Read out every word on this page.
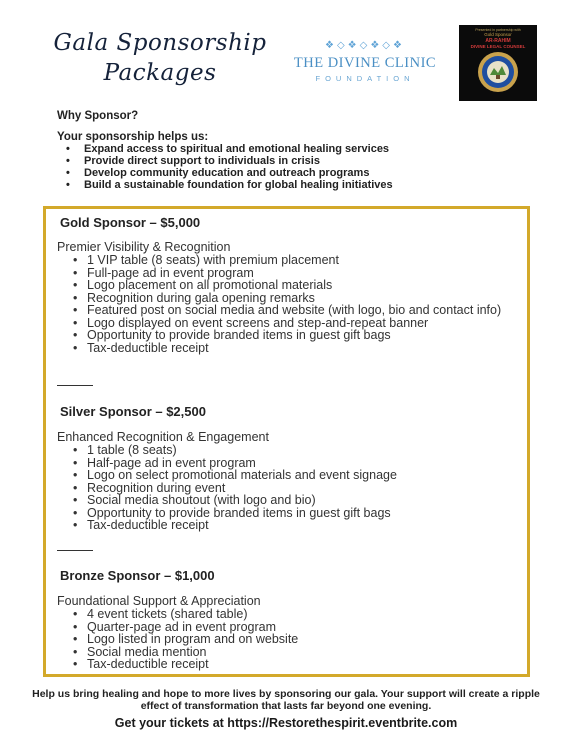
Gala Sponsorship
Packages
❖◇❖◇❖◇❖
THE DIVINE CLINIC
FOUNDATION
Presented in partnership with
Gold Sponsor
AR-RAHIM
DIVINE LEGAL COUNSEL
Why Sponsor?
Your sponsorship helps us:
• Expand access to spiritual and emotional healing services
• Provide direct support to individuals in crisis
• Develop community education and outreach programs
• Build a sustainable foundation for global healing initiatives
Gold Sponsor – $5,000
Premier Visibility & Recognition
• 1 VIP table (8 seats) with premium placement
• Full-page ad in event program
• Logo placement on all promotional materials
• Recognition during gala opening remarks
• Featured post on social media and website (with logo, bio and contact info)
• Logo displayed on event screens and step-and-repeat banner
• Opportunity to provide branded items in guest gift bags
• Tax-deductible receipt
Silver Sponsor – $2,500
Enhanced Recognition & Engagement
• 1 table (8 seats)
• Half-page ad in event program
• Logo on select promotional materials and event signage
• Recognition during event
• Social media shoutout (with logo and bio)
• Opportunity to provide branded items in guest gift bags
• Tax-deductible receipt
Bronze Sponsor – $1,000
Foundational Support & Appreciation
• 4 event tickets (shared table)
• Quarter-page ad in event program
• Logo listed in program and on website
• Social media mention
• Tax-deductible receipt
Help us bring healing and hope to more lives by sponsoring our gala. Your support will create a ripple effect of transformation that lasts far beyond one evening.
Get your tickets at https://Restorethespirit.eventbrite.com
